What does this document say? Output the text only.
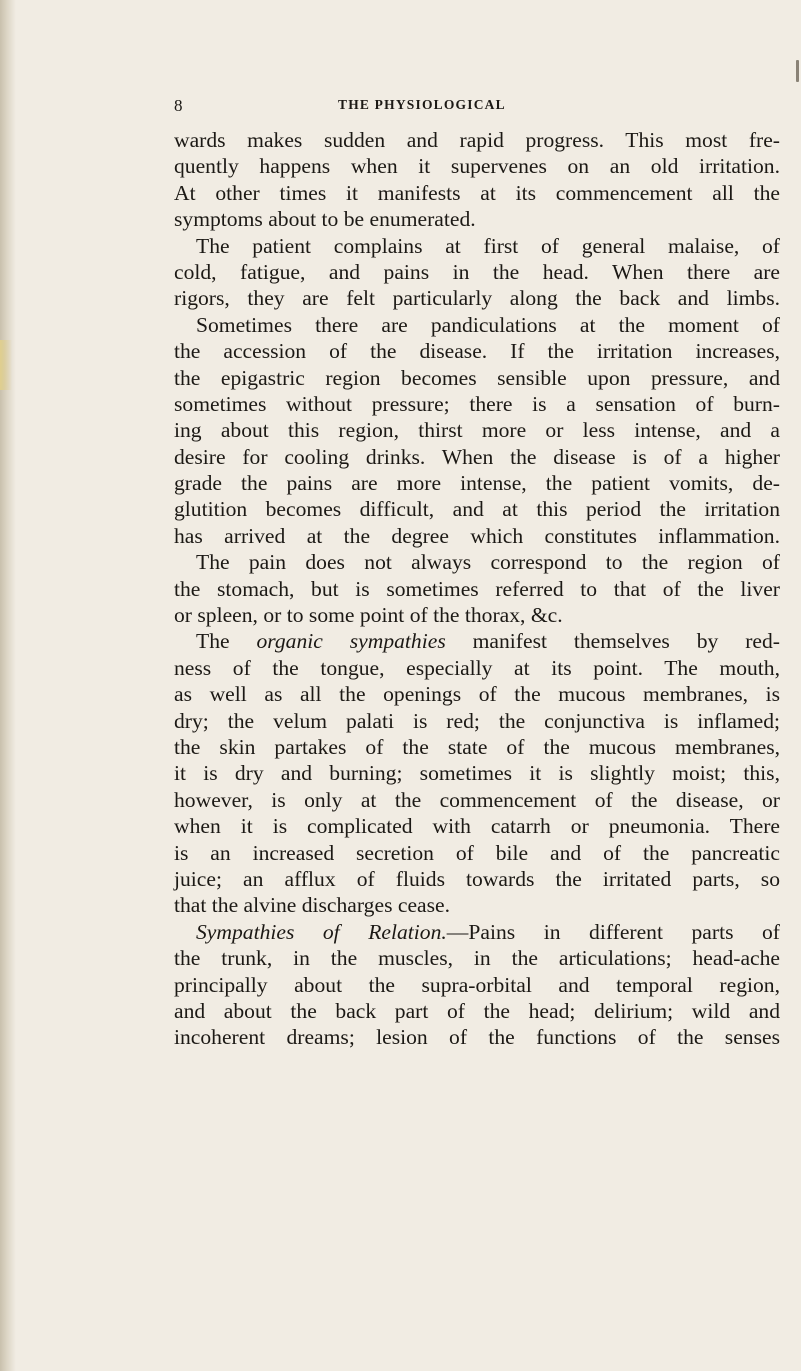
8	THE PHYSIOLOGICAL
wards makes sudden and rapid progress. This most fre-
quently happens when it supervenes on an old irritation.
At other times it manifests at its commencement all the
symptoms about to be enumerated.
The patient complains at first of general malaise, of
cold, fatigue, and pains in the head. When there are
rigors, they are felt particularly along the back and limbs.
Sometimes there are pandiculations at the moment of
the accession of the disease. If the irritation increases,
the epigastric region becomes sensible upon pressure, and
sometimes without pressure; there is a sensation of burn-
ing about this region, thirst more or less intense, and a
desire for cooling drinks. When the disease is of a higher
grade the pains are more intense, the patient vomits, de-
glutition becomes difficult, and at this period the irritation
has arrived at the degree which constitutes inflammation.
The pain does not always correspond to the region of
the stomach, but is sometimes referred to that of the liver
or spleen, or to some point of the thorax, &c.
The organic sympathies manifest themselves by red-
ness of the tongue, especially at its point. The mouth,
as well as all the openings of the mucous membranes, is
dry; the velum palati is red; the conjunctiva is inflamed;
the skin partakes of the state of the mucous membranes,
it is dry and burning; sometimes it is slightly moist; this,
however, is only at the commencement of the disease, or
when it is complicated with catarrh or pneumonia. There
is an increased secretion of bile and of the pancreatic
juice; an afflux of fluids towards the irritated parts, so
that the alvine discharges cease.
Sympathies of Relation.—Pains in different parts of
the trunk, in the muscles, in the articulations; head-ache
principally about the supra-orbital and temporal region,
and about the back part of the head; delirium; wild and
incoherent dreams; lesion of the functions of the senses
